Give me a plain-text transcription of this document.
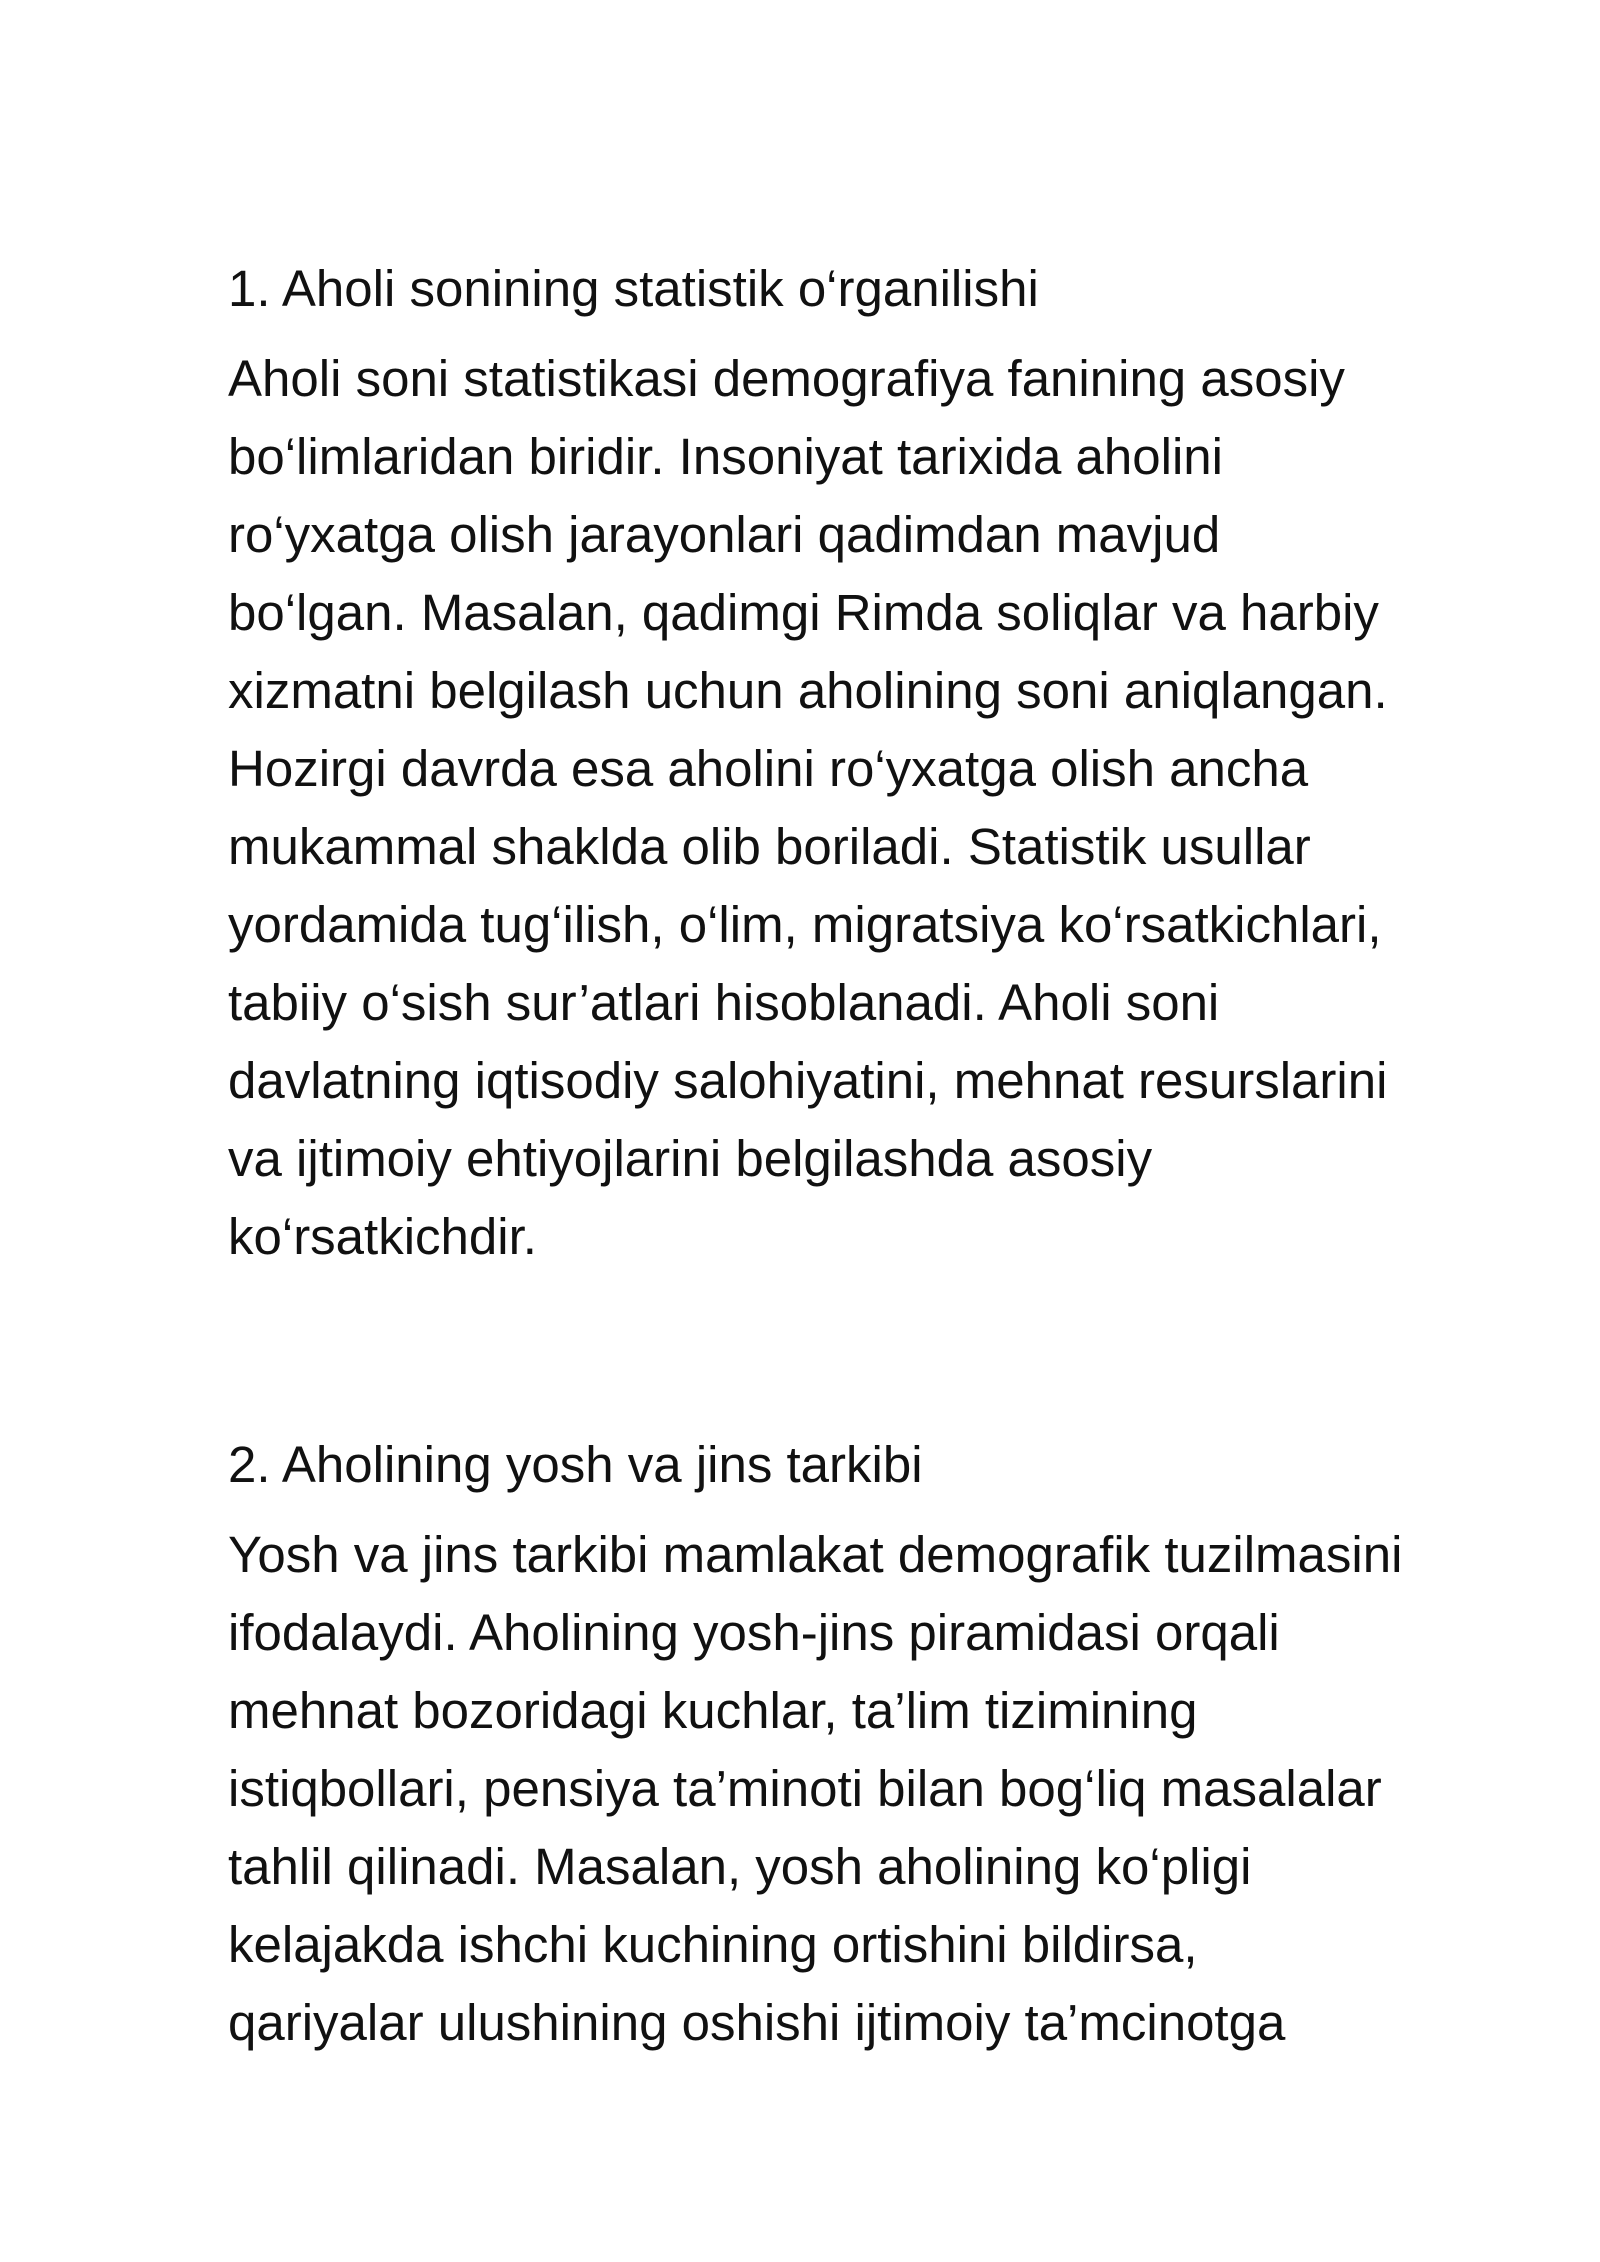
1. Aholi sonining statistik o‘rganilishi

Aholi soni statistikasi demografiya fanining asosiy
bo‘limlaridan biridir. Insoniyat tarixida aholini
ro‘yxatga olish jarayonlari qadimdan mavjud
bo‘lgan. Masalan, qadimgi Rimda soliqlar va harbiy
xizmatni belgilash uchun aholining soni aniqlangan.
Hozirgi davrda esa aholini ro‘yxatga olish ancha
mukammal shaklda olib boriladi. Statistik usullar
yordamida tug‘ilish, o‘lim, migratsiya ko‘rsatkichlari,
tabiiy o‘sish sur’atlari hisoblanadi. Aholi soni
davlatning iqtisodiy salohiyatini, mehnat resurslarini
va ijtimoiy ehtiyojlarini belgilashda asosiy
ko‘rsatkichdir.

2. Aholining yosh va jins tarkibi

Yosh va jins tarkibi mamlakat demografik tuzilmasini
ifodalaydi. Aholining yosh-jins piramidasi orqali
mehnat bozoridagi kuchlar, ta’lim tizimining
istiqbollari, pensiya ta’minoti bilan bog‘liq masalalar
tahlil qilinadi. Masalan, yosh aholining ko‘pligi
kelajakda ishchi kuchining ortishini bildirsa,
qariyalar ulushining oshishi ijtimoiy ta’mcinotga
